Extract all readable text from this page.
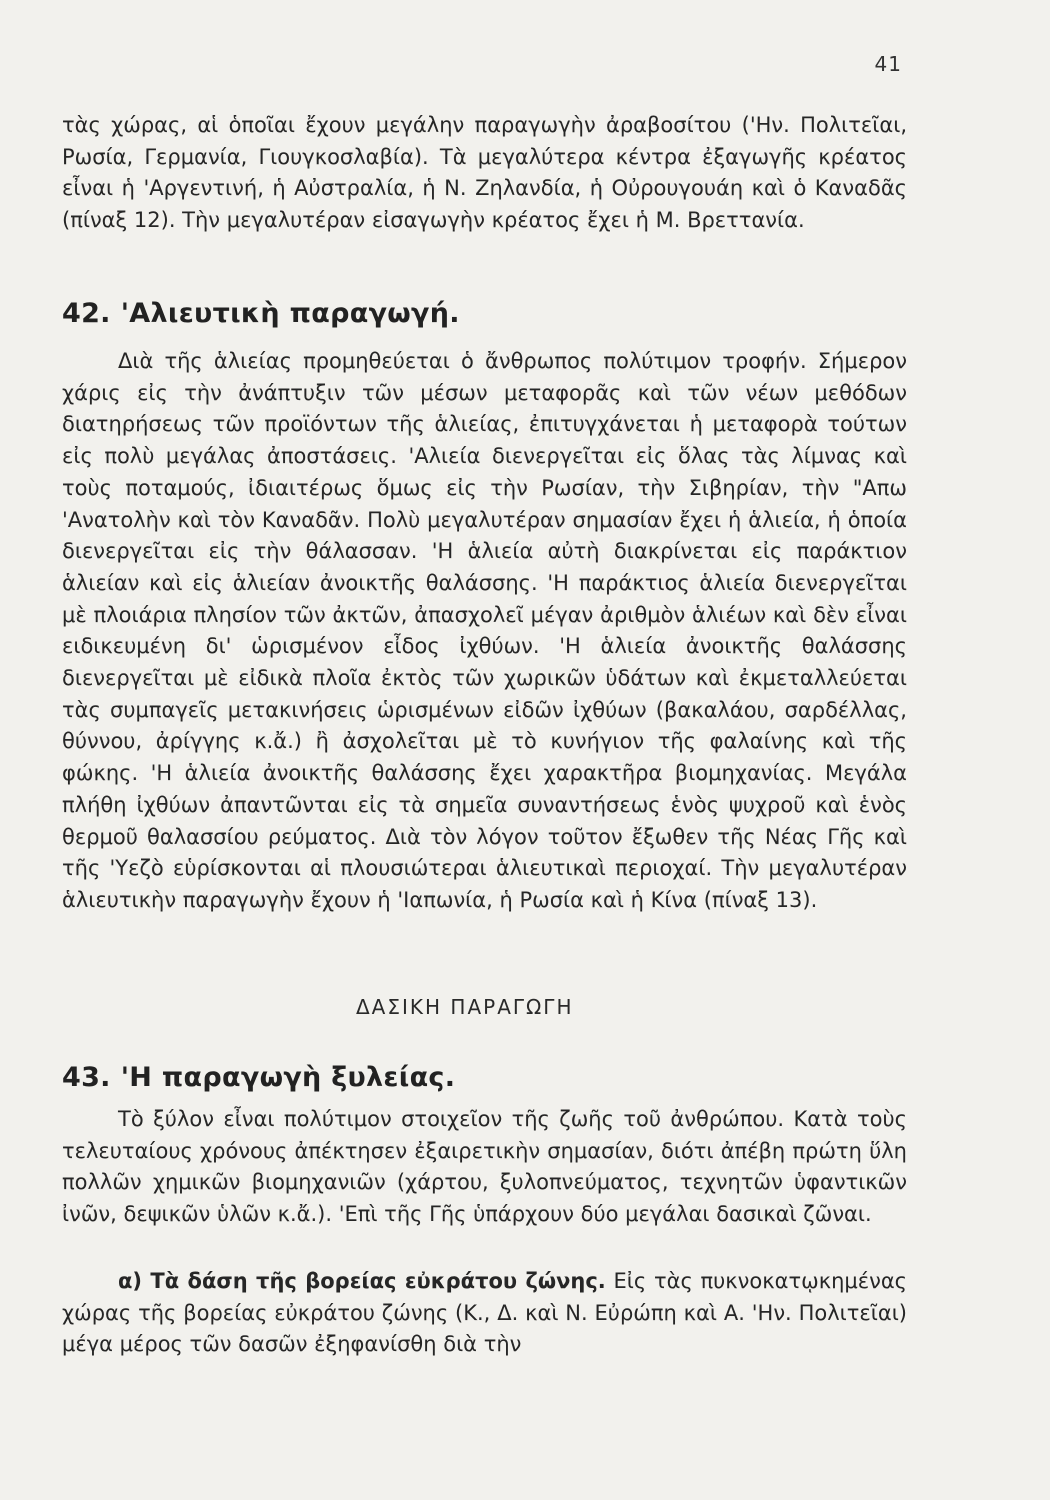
41

τὰς χώρας, αἱ ὁποῖαι ἔχουν μεγάλην παραγωγὴν ἀραβοσίτου ('Ην. Πολιτεῖαι, Ρωσία, Γερμανία, Γιουγκοσλαβία). Τὰ μεγαλύτερα κέντρα ἐξαγωγῆς κρέατος εἶναι ἡ 'Αργεντινή, ἡ Αὐστραλία, ἡ Ν. Ζηλανδία, ἡ Οὐρουγουάη καὶ ὁ Καναδᾶς (πίναξ 12). Τὴν μεγαλυτέραν εἰσαγωγὴν κρέατος ἔχει ἡ Μ. Βρεττανία.

42. 'Αλιευτικὴ παραγωγή.

Διὰ τῆς ἁλιείας προμηθεύεται ὁ ἄνθρωπος πολύτιμον τροφήν. Σήμερον χάρις εἰς τὴν ἀνάπτυξιν τῶν μέσων μεταφορᾶς καὶ τῶν νέων μεθόδων διατηρήσεως τῶν προϊόντων τῆς ἁλιείας, ἐπιτυγχάνεται ἡ μεταφορὰ τούτων εἰς πολὺ μεγάλας ἀποστάσεις. 'Αλιεία διενεργεῖται εἰς ὅλας τὰς λίμνας καὶ τοὺς ποταμούς, ἰδιαιτέρως ὅμως εἰς τὴν Ρωσίαν, τὴν Σιβηρίαν, τὴν "Απω 'Ανατολὴν καὶ τὸν Καναδᾶν. Πολὺ μεγαλυτέραν σημασίαν ἔχει ἡ ἁλιεία, ἡ ὁποία διενεργεῖται εἰς τὴν θάλασσαν. 'Η ἁλιεία αὐτὴ διακρίνεται εἰς παράκτιον ἁλιείαν καὶ εἰς ἁλιείαν ἀνοικτῆς θαλάσσης. 'Η παράκτιος ἁλιεία διενεργεῖται μὲ πλοιάρια πλησίον τῶν ἀκτῶν, ἀπασχολεῖ μέγαν ἀριθμὸν ἁλιέων καὶ δὲν εἶναι ειδικευμένη δι' ὡρισμένον εἶδος ἰχθύων. 'Η ἁλιεία ἀνοικτῆς θαλάσσης διενεργεῖται μὲ εἰδικὰ πλοῖα ἐκτὸς τῶν χωρικῶν ὑδάτων καὶ ἐκμεταλλεύεται τὰς συμπαγεῖς μετακινήσεις ὡρισμένων εἰδῶν ἰχθύων (βακαλάου, σαρδέλλας, θύννου, ἀρίγγης κ.ἄ.) ἢ ἀσχολεῖται μὲ τὸ κυνήγιον τῆς φαλαίνης καὶ τῆς φώκης. 'Η ἁλιεία ἀνοικτῆς θαλάσσης ἔχει χαρακτῆρα βιομηχανίας. Μεγάλα πλήθη ἰχθύων ἀπαντῶνται εἰς τὰ σημεῖα συναντήσεως ἑνὸς ψυχροῦ καὶ ἑνὸς θερμοῦ θαλασσίου ρεύματος. Διὰ τὸν λόγον τοῦτον ἔξωθεν τῆς Νέας Γῆς καὶ τῆς 'Υεζὸ εὑρίσκονται αἱ πλουσιώτεραι ἁλιευτικαὶ περιοχαί. Τὴν μεγαλυτέραν ἁλιευτικὴν παραγωγὴν ἔχουν ἡ 'Ιαπωνία, ἡ Ρωσία καὶ ἡ Κίνα (πίναξ 13).

ΔΑΣΙΚΗ ΠΑΡΑΓΩΓΗ
43. 'Η παραγωγὴ ξυλείας.

Τὸ ξύλον εἶναι πολύτιμον στοιχεῖον τῆς ζωῆς τοῦ ἀνθρώπου. Κατὰ τοὺς τελευταίους χρόνους ἀπέκτησεν ἐξαιρετικὴν σημασίαν, διότι ἀπέβη πρώτη ὕλη πολλῶν χημικῶν βιομηχανιῶν (χάρτου, ξυλοπνεύματος, τεχνητῶν ὑφαντικῶν ἰνῶν, δεψικῶν ὑλῶν κ.ἄ.). 'Επὶ τῆς Γῆς ὑπάρχουν δύο μεγάλαι δασικαὶ ζῶναι.

α) Τὰ δάση τῆς βορείας εὐκράτου ζώνης. Εἰς τὰς πυκνοκατῳκημένας χώρας τῆς βορείας εὐκράτου ζώνης (Κ., Δ. καὶ Ν. Εὐρώπη καὶ Α. 'Ην. Πολιτεῖαι) μέγα μέρος τῶν δασῶν ἐξηφανίσθη διὰ τὴν
